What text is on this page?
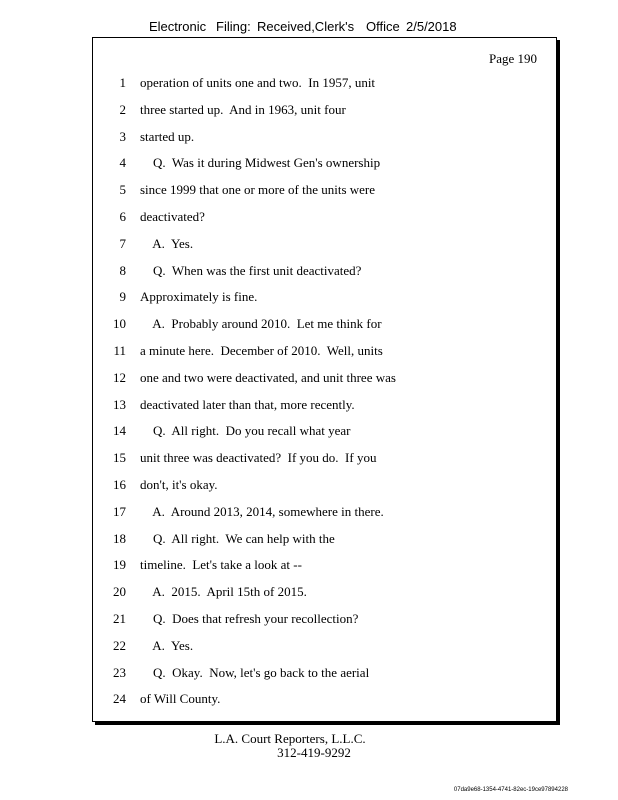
Electronic Filing: Received,Clerk's Office 2/5/2018
Page 190
1 operation of units one and two.  In 1957, unit
2 three started up.  And in 1963, unit four
3 started up.
4 Q.  Was it during Midwest Gen's ownership
5 since 1999 that one or more of the units were
6 deactivated?
7 A.  Yes.
8 Q.  When was the first unit deactivated?
9 Approximately is fine.
10 A.  Probably around 2010.  Let me think for
11 a minute here.  December of 2010.  Well, units
12 one and two were deactivated, and unit three was
13 deactivated later than that, more recently.
14 Q.  All right.  Do you recall what year
15 unit three was deactivated?  If you do.  If you
16 don't, it's okay.
17 A.  Around 2013, 2014, somewhere in there.
18 Q.  All right.  We can help with the
19 timeline.  Let's take a look at --
20 A.  2015.  April 15th of 2015.
21 Q.  Does that refresh your recollection?
22 A.  Yes.
23 Q.  Okay.  Now, let's go back to the aerial
24 of Will County.
L.A. Court Reporters, L.L.C.
312-419-9292
07da9e68-1354-4741-82ec-19ce97894228
